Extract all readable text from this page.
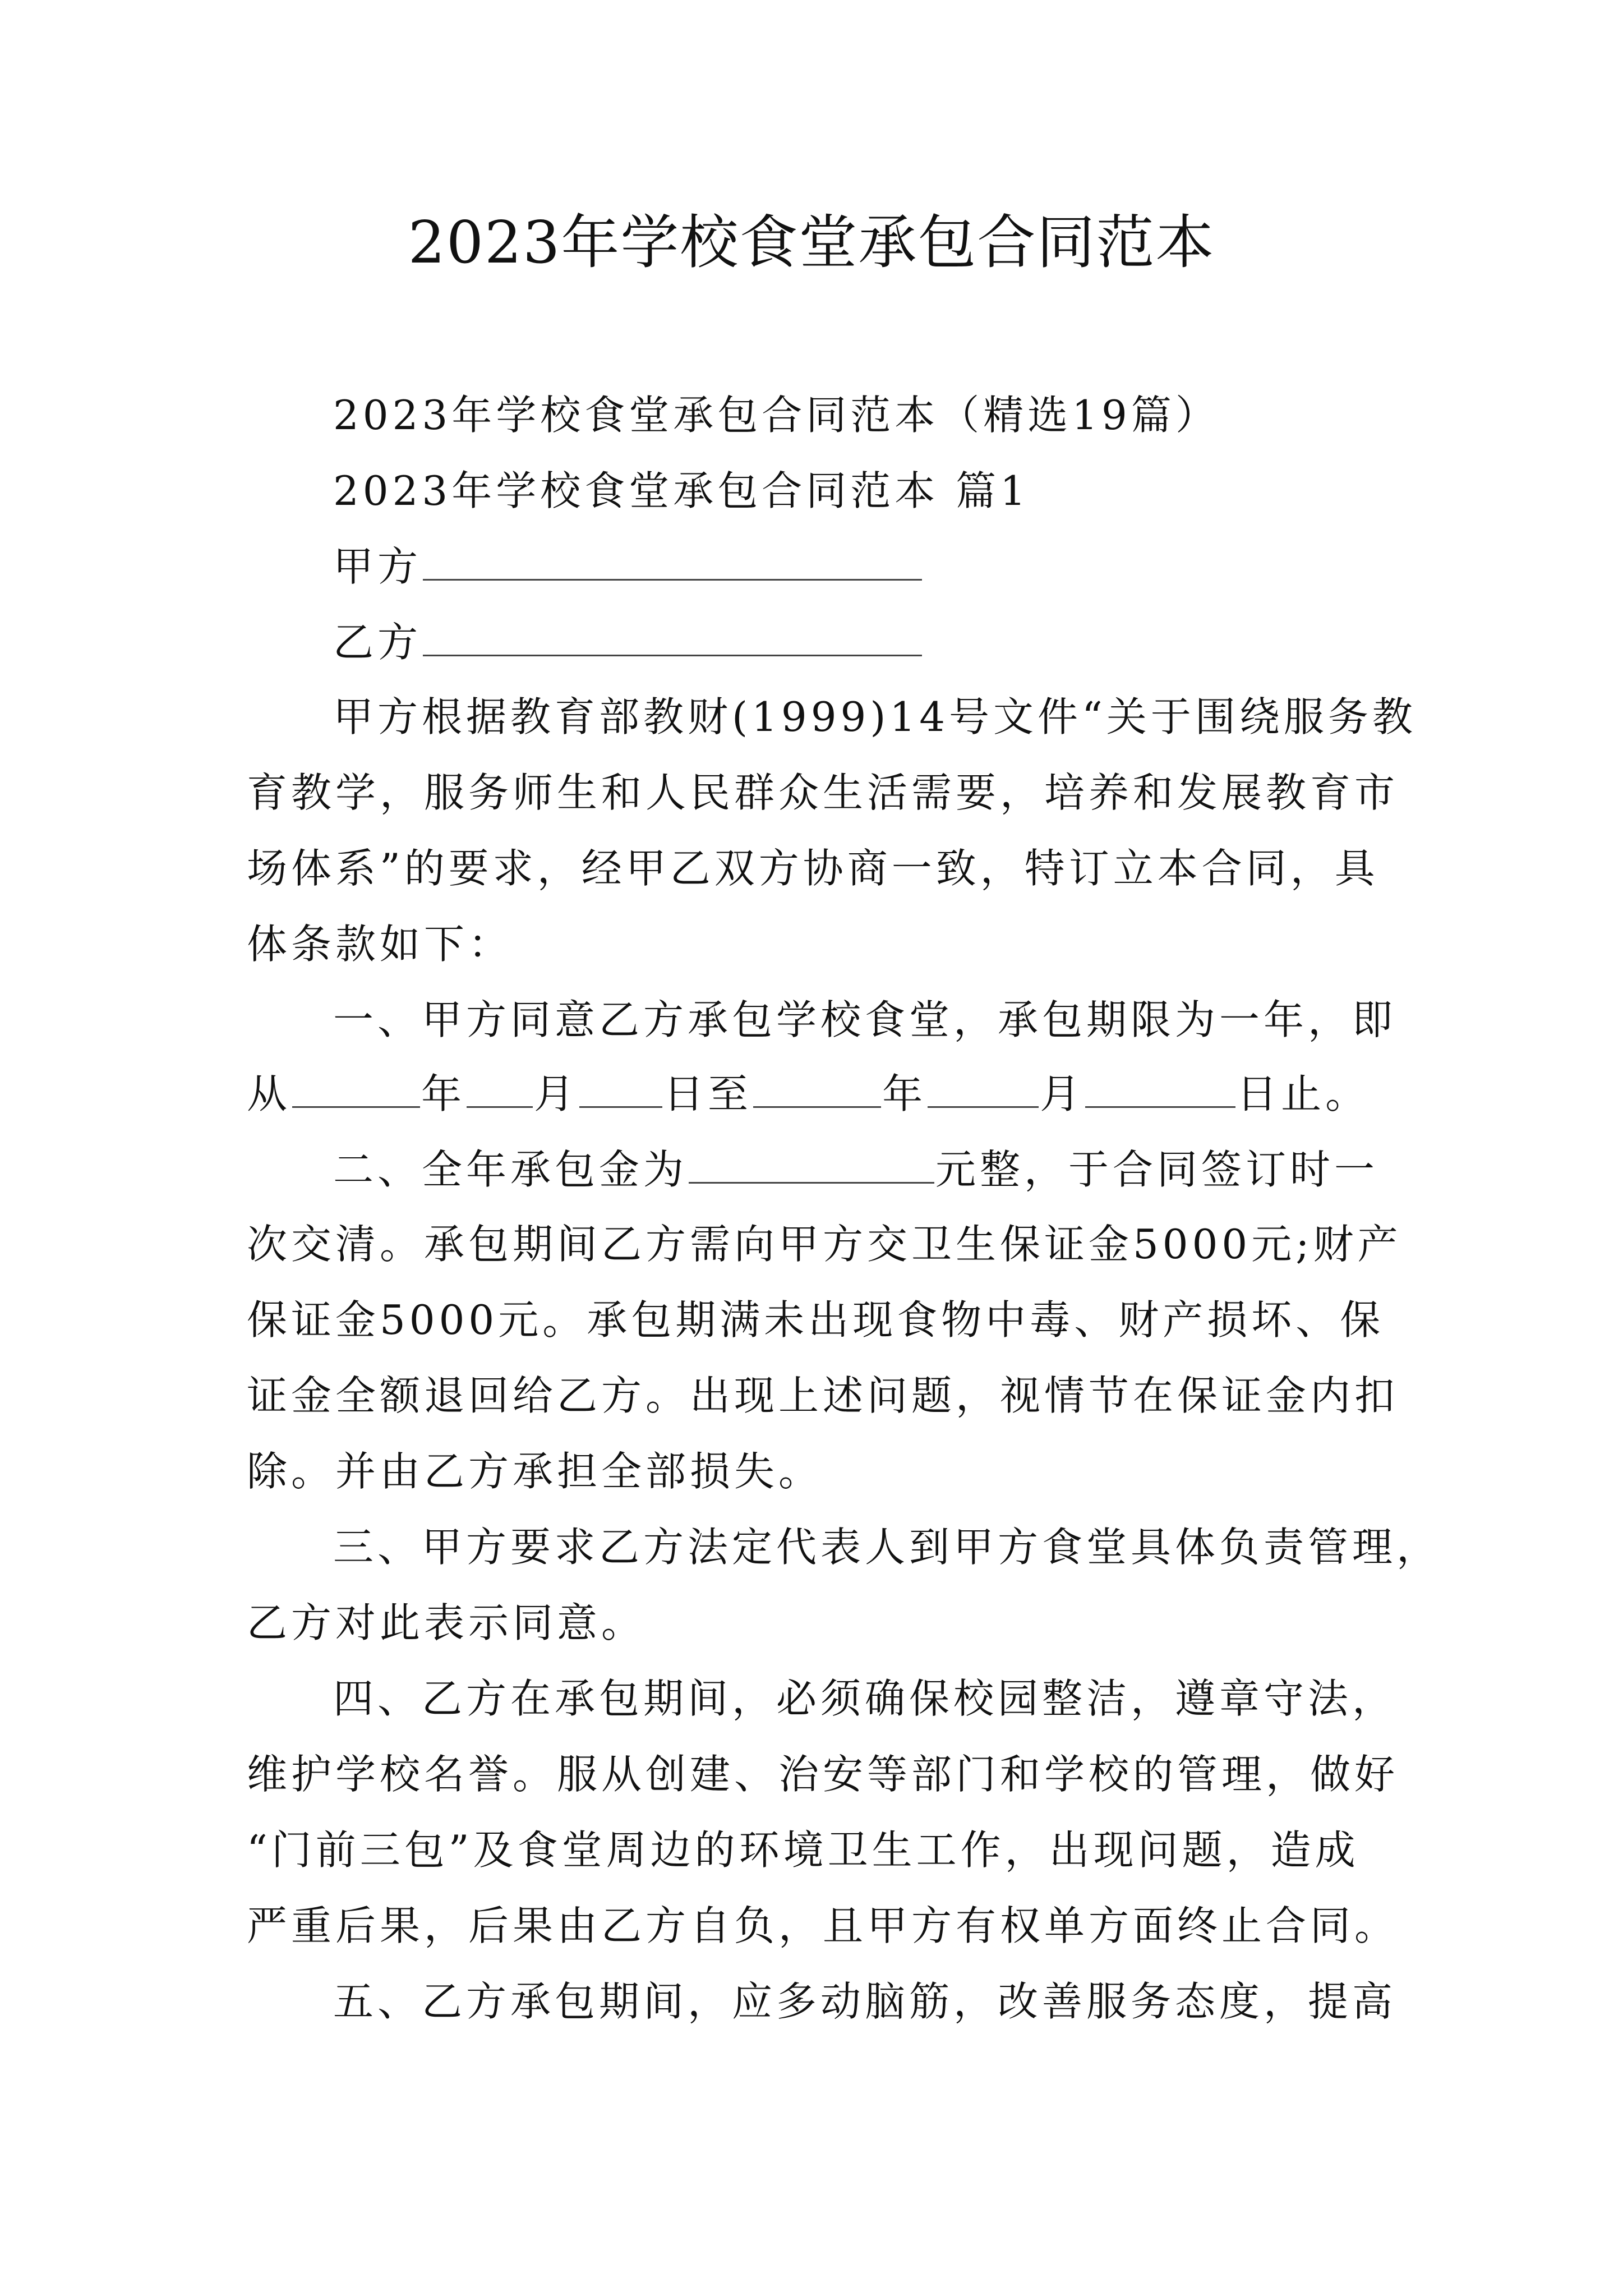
2023年学校食堂承包合同范本
2023年学校食堂承包合同范本（精选19篇）
2023年学校食堂承包合同范本 篇1
甲方
乙方
甲方根据教育部教财(1999)14号文件“关于围绕服务教
育教学，服务师生和人民群众生活需要，培养和发展教育市
场体系”的要求，经甲乙双方协商一致，特订立本合同，具
体条款如下：
一、甲方同意乙方承包学校食堂，承包期限为一年，即
从	年 月 日至	年	月	日止。
二、全年承包金为	元整，于合同签订时一
次交清。承包期间乙方需向甲方交卫生保证金5000元;财产
保证金5000元。承包期满未出现食物中毒、财产损坏、保
证金全额退回给乙方。出现上述问题，视情节在保证金内扣
除。并由乙方承担全部损失。
三、甲方要求乙方法定代表人到甲方食堂具体负责管理，
乙方对此表示同意。
四、乙方在承包期间，必须确保校园整洁，遵章守法，
维护学校名誉。服从创建、治安等部门和学校的管理，做好
“门前三包”及食堂周边的环境卫生工作，出现问题，造成
严重后果，后果由乙方自负，且甲方有权单方面终止合同。
五、乙方承包期间，应多动脑筋，改善服务态度，提高
